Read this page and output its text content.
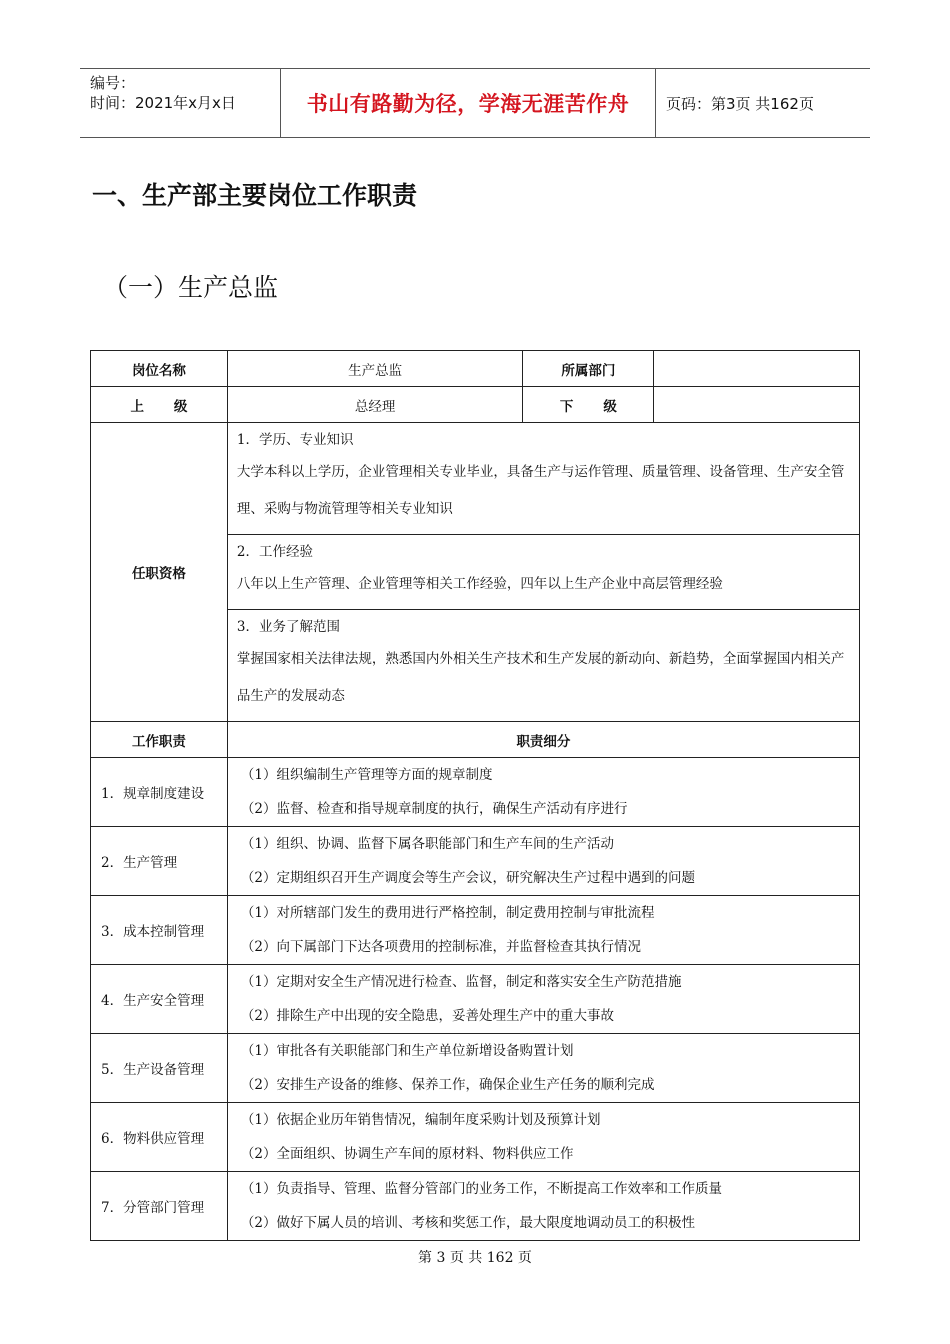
编号：
时间：2021年x月x日	书山有路勤为径，学海无涯苦作舟	页码：第3页 共162页
一、生产部主要岗位工作职责
（一）生产总监
岗位名称	生产总监	所属部门	
上级	总经理	下级	
任职资格	1．学历、专业知识
大学本科以上学历，企业管理相关专业毕业，具备生产与运作管理、质量管理、设备管理、生产安全管理、采购与物流管理等相关专业知识		

	2．工作经验
八年以上生产管理、企业管理等相关工作经验，四年以上生产企业中高层管理经验		

	3．业务了解范围
掌握国家相关法律法规，熟悉国内外相关生产技术和生产发展的新动向、新趋势，全面掌握国内相关产品生产的发展动态		

工作职责	职责细分		
1．规章制度建设	（1）组织编制生产管理等方面的规章制度
（2）监督、检查和指导规章制度的执行，确保生产活动有序进行		

2．生产管理	（1）组织、协调、监督下属各职能部门和生产车间的生产活动
（2）定期组织召开生产调度会等生产会议，研究解决生产过程中遇到的问题		

3．成本控制管理	（1）对所辖部门发生的费用进行严格控制，制定费用控制与审批流程
（2）向下属部门下达各项费用的控制标准，并监督检查其执行情况		

4．生产安全管理	（1）定期对安全生产情况进行检查、监督，制定和落实安全生产防范措施
（2）排除生产中出现的安全隐患，妥善处理生产中的重大事故		

5．生产设备管理	（1）审批各有关职能部门和生产单位新增设备购置计划
（2）安排生产设备的维修、保养工作，确保企业生产任务的顺利完成		

6．物料供应管理	（1）依据企业历年销售情况，编制年度采购计划及预算计划
（2）全面组织、协调生产车间的原材料、物料供应工作		

7．分管部门管理	（1）负责指导、管理、监督分管部门的业务工作，不断提高工作效率和工作质量
（2）做好下属人员的培训、考核和奖惩工作，最大限度地调动员工的积极性		
第 3 页 共 162 页
